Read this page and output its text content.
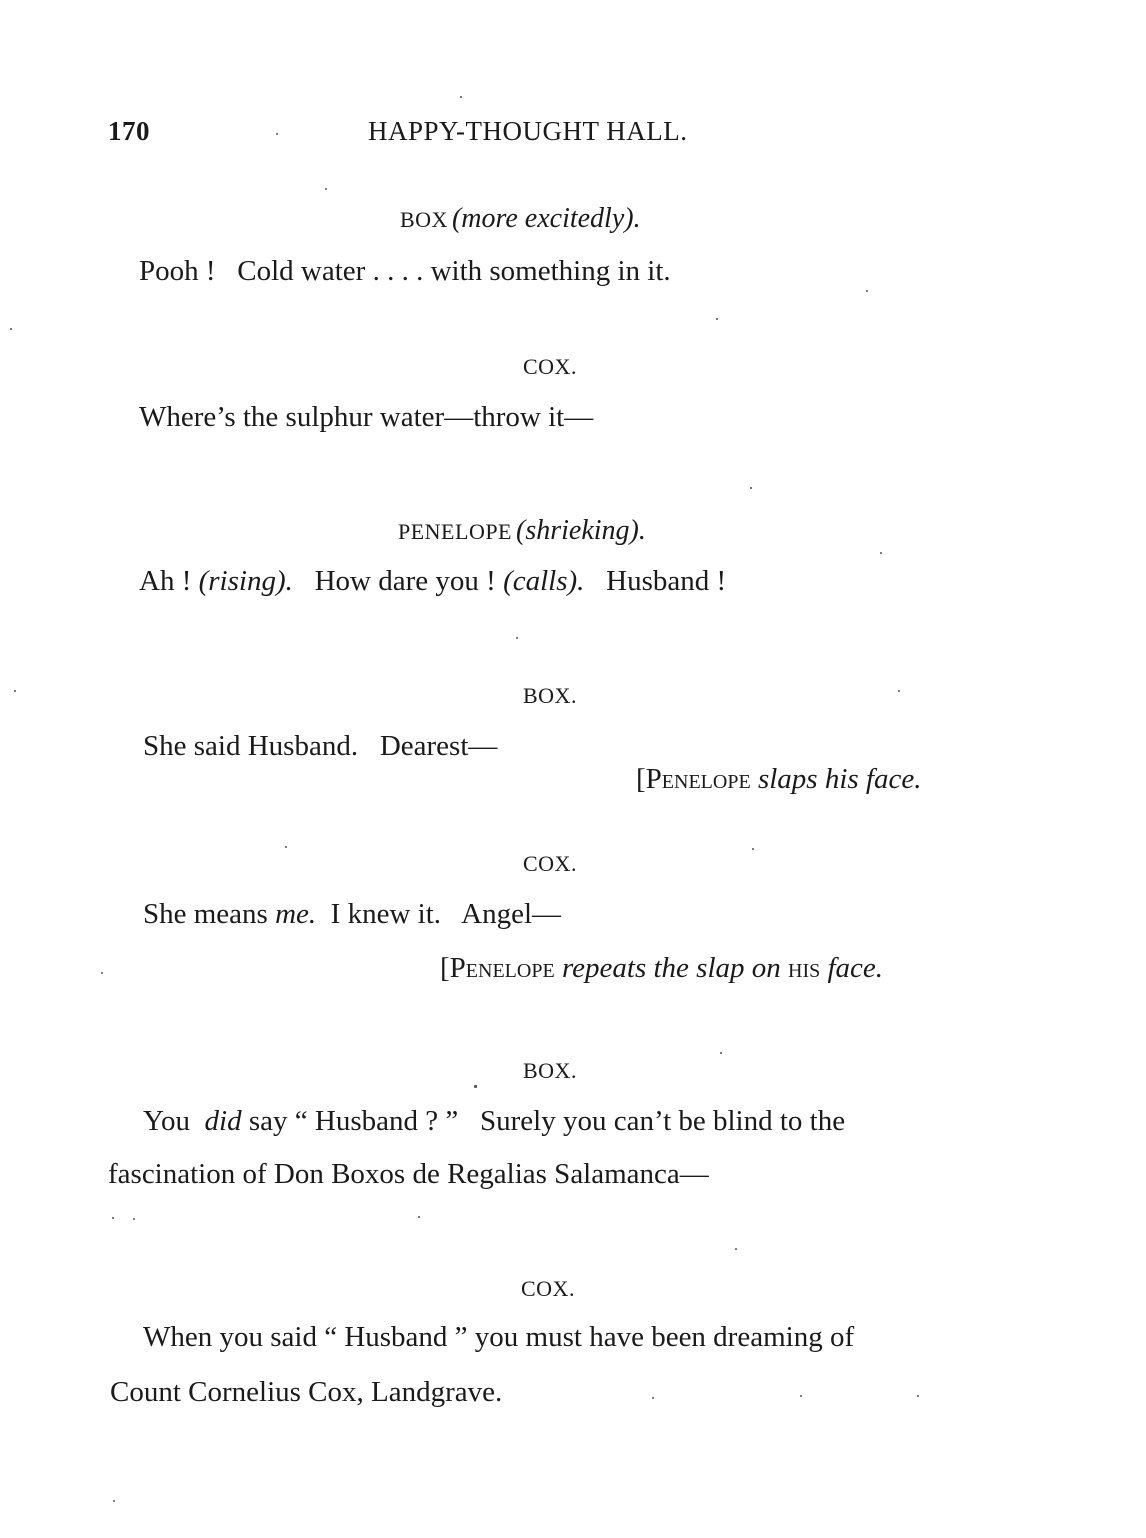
170	HAPPY-THOUGHT HALL.
BOX (more excitedly).
Pooh !   Cold water . . . . with something in it.
COX.
Where’s the sulphur water—throw it—
PENELOPE (shrieking).
Ah ! (rising). How dare you ! (calls). Husband !
BOX.
She said Husband.   Dearest—
[Penelope slaps his face.
COX.
She means me. I knew it.   Angel—
[Penelope repeats the slap on his face.
BOX.
You did say “ Husband ? ”   Surely you can’t be blind to the
fascination of Don Boxos de Regalias Salamanca—
COX.
When you said “ Husband ” you must have been dreaming of
Count Cornelius Cox, Landgrave.
